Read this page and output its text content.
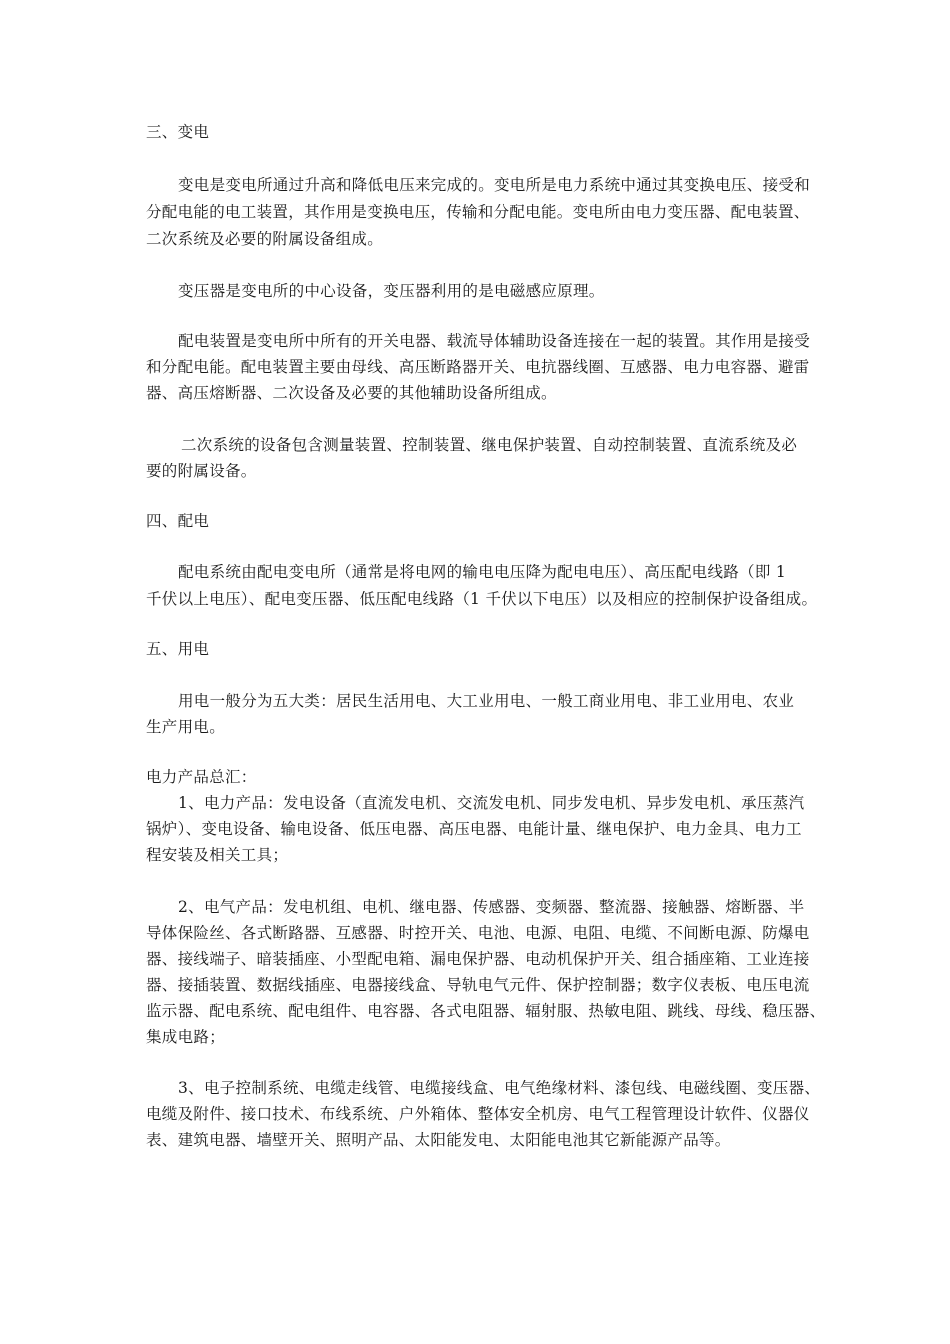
三、变电
变电是变电所通过升高和降低电压来完成的。变电所是电力系统中通过其变换电压、接受和
分配电能的电工装置，其作用是变换电压，传输和分配电能。变电所由电力变压器、配电装置、
二次系统及必要的附属设备组成。
变压器是变电所的中心设备，变压器利用的是电磁感应原理。
配电装置是变电所中所有的开关电器、载流导体辅助设备连接在一起的装置。其作用是接受
和分配电能。配电装置主要由母线、高压断路器开关、电抗器线圈、互感器、电力电容器、避雷
器、高压熔断器、二次设备及必要的其他辅助设备所组成。
二次系统的设备包含测量装置、控制装置、继电保护装置、自动控制装置、直流系统及必
要的附属设备。
四、配电
配电系统由配电变电所（通常是将电网的输电电压降为配电电压）、高压配电线路（即 1
千伏以上电压）、配电变压器、低压配电线路（1 千伏以下电压）以及相应的控制保护设备组成。
五、用电
用电一般分为五大类：居民生活用电、大工业用电、一般工商业用电、非工业用电、农业
生产用电。
电力产品总汇：
1、电力产品：发电设备（直流发电机、交流发电机、同步发电机、异步发电机、承压蒸汽
锅炉）、变电设备、输电设备、低压电器、高压电器、电能计量、继电保护、电力金具、电力工
程安装及相关工具；
2、电气产品：发电机组、电机、继电器、传感器、变频器、整流器、接触器、熔断器、半
导体保险丝、各式断路器、互感器、时控开关、电池、电源、电阻、电缆、不间断电源、防爆电
器、接线端子、暗装插座、小型配电箱、漏电保护器、电动机保护开关、组合插座箱、工业连接
器、接插装置、数据线插座、电器接线盒、导轨电气元件、保护控制器；数字仪表板、电压电流
监示器、配电系统、配电组件、电容器、各式电阻器、辐射服、热敏电阻、跳线、母线、稳压器、
集成电路；
3、电子控制系统、电缆走线管、电缆接线盒、电气绝缘材料、漆包线、电磁线圈、变压器、
电缆及附件、接口技术、布线系统、户外箱体、整体安全机房、电气工程管理设计软件、仪器仪
表、建筑电器、墙壁开关、照明产品、太阳能发电、太阳能电池其它新能源产品等。
